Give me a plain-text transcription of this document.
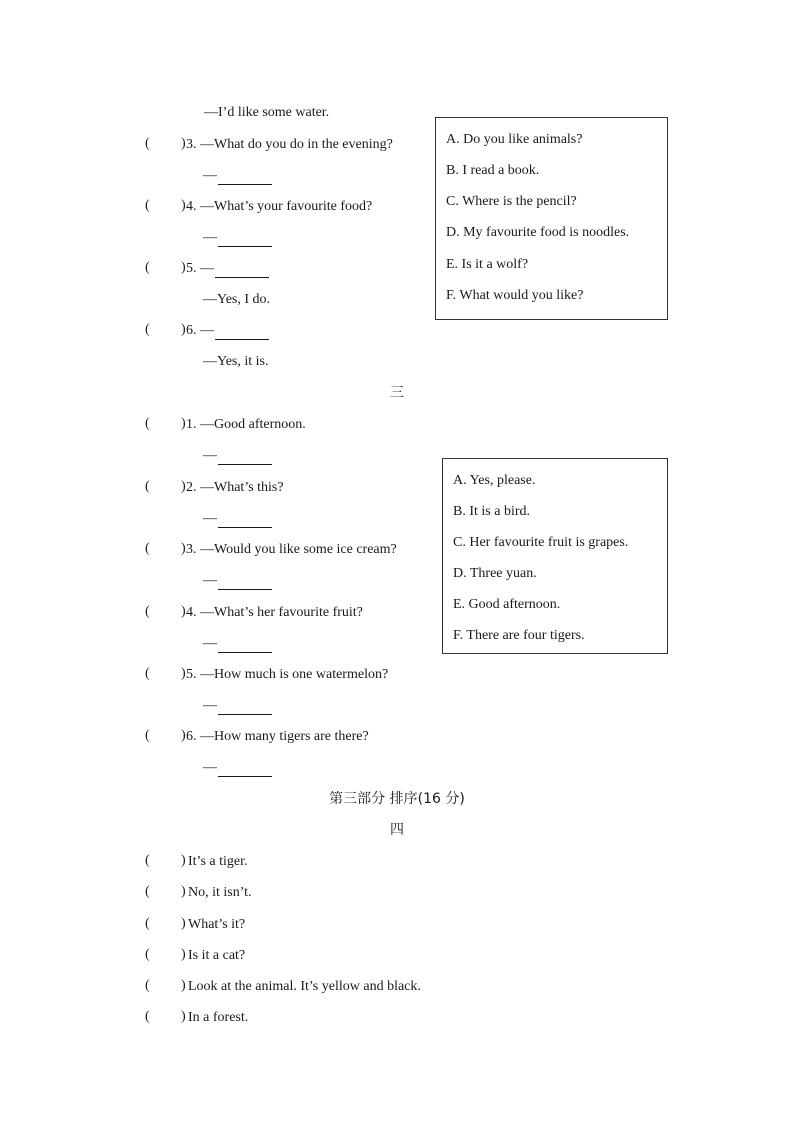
—I’d like some water.
( ) 3. —What do you do in the evening?
—
( ) 4. —What’s your favourite food?
—
( ) 5. —
—Yes, I do.
( ) 6. —
—Yes, it is.
A. Do you like animals?
B. I read a book.
C. Where is the pencil?
D. My favourite food is noodles.
E. Is it a wolf?
F. What would you like?
三
( ) 1. —Good afternoon.
—
( ) 2. —What’s this?
—
( ) 3. —Would you like some ice cream?
—
( ) 4. —What’s her favourite fruit?
—
( ) 5. —How much is one watermelon?
—
( ) 6. —How many tigers are there?
—
A. Yes, please.
B. It is a bird.
C. Her favourite fruit is grapes.
D. Three yuan.
E. Good afternoon.
F. There are four tigers.
第三部分 排序(16 分)
四
( ) It’s a tiger.
( ) No, it isn’t.
( ) What’s it?
( ) Is it a cat?
( ) Look at the animal. It’s yellow and black.
( ) In a forest.
